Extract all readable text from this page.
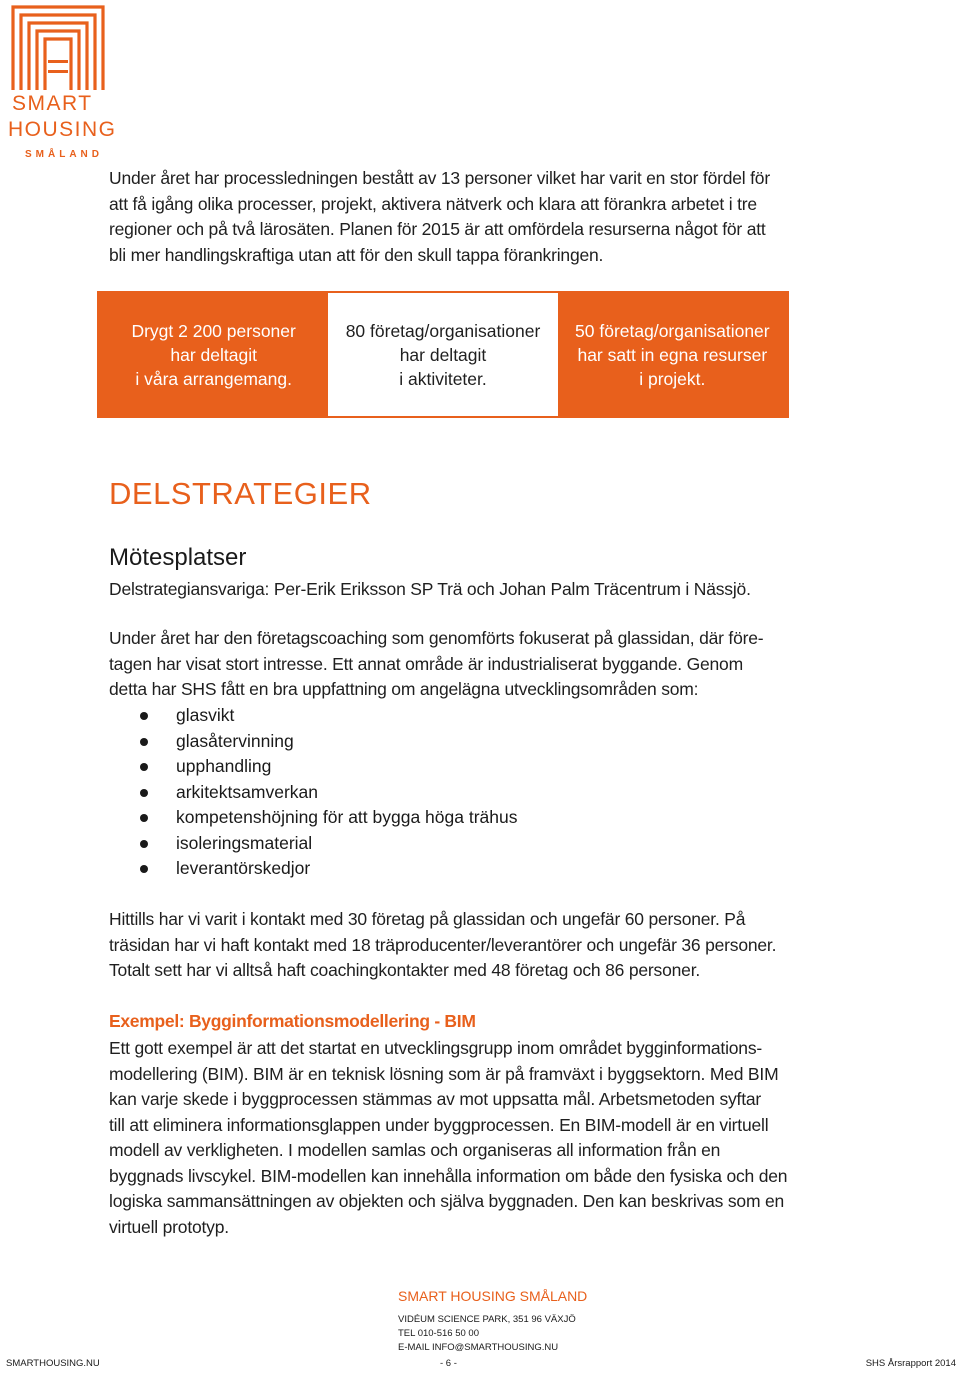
SMART
HOUSING
SMÅLAND
Under året har processledningen bestått av 13 personer vilket har varit en stor fördel för
att få igång olika processer, projekt, aktivera nätverk och klara att förankra arbetet i tre
regioner och på två lärosäten. Planen för 2015 är att omfördela resurserna något för att
bli mer handlingskraftiga utan att för den skull tappa förankringen.
Drygt 2 200 personer
har deltagit
i våra arrangemang.
80 företag/organisationer
har deltagit
i aktiviteter.
50 företag/organisationer
har satt in egna resurser
i projekt.
DELSTRATEGIER
Mötesplatser
Delstrategiansvariga: Per-Erik Eriksson SP Trä och Johan Palm Träcentrum i Nässjö.
Under året har den företagscoaching som genomförts fokuserat på glassidan, där före-
tagen har visat stort intresse. Ett annat område är industrialiserat byggande. Genom
detta har SHS fått en bra uppfattning om angelägna utvecklingsområden som:
glasvikt
glasåtervinning
upphandling
arkitektsamverkan
kompetenshöjning för att bygga höga trähus
isoleringsmaterial
leverantörskedjor
Hittills har vi varit i kontakt med 30 företag på glassidan och ungefär 60 personer. På
träsidan har vi haft kontakt med 18 träproducenter/leverantörer och ungefär 36 personer.
Totalt sett har vi alltså haft coachingkontakter med 48 företag och 86 personer.
Exempel: Bygginformationsmodellering - BIM
Ett gott exempel är att det startat en utvecklingsgrupp inom området bygginformations-
modellering (BIM). BIM är en teknisk lösning som är på framväxt i byggsektorn. Med BIM
kan varje skede i byggprocessen stämmas av mot uppsatta mål. Arbetsmetoden syftar
till att eliminera informationsglappen under byggprocessen. En BIM-modell är en virtuell
modell av verkligheten. I modellen samlas och organiseras all information från en
byggnads livscykel. BIM-modellen kan innehålla information om både den fysiska och den
logiska sammansättningen av objekten och själva byggnaden. Den kan beskrivas som en
virtuell prototyp.
SMART HOUSING SMÅLAND
VIDÉUM SCIENCE PARK, 351 96 VÄXJÖ
TEL 010-516 50 00
E-MAIL INFO@SMARTHOUSING.NU
SMARTHOUSING.NU	- 6 -	SHS Årsrapport 2014
